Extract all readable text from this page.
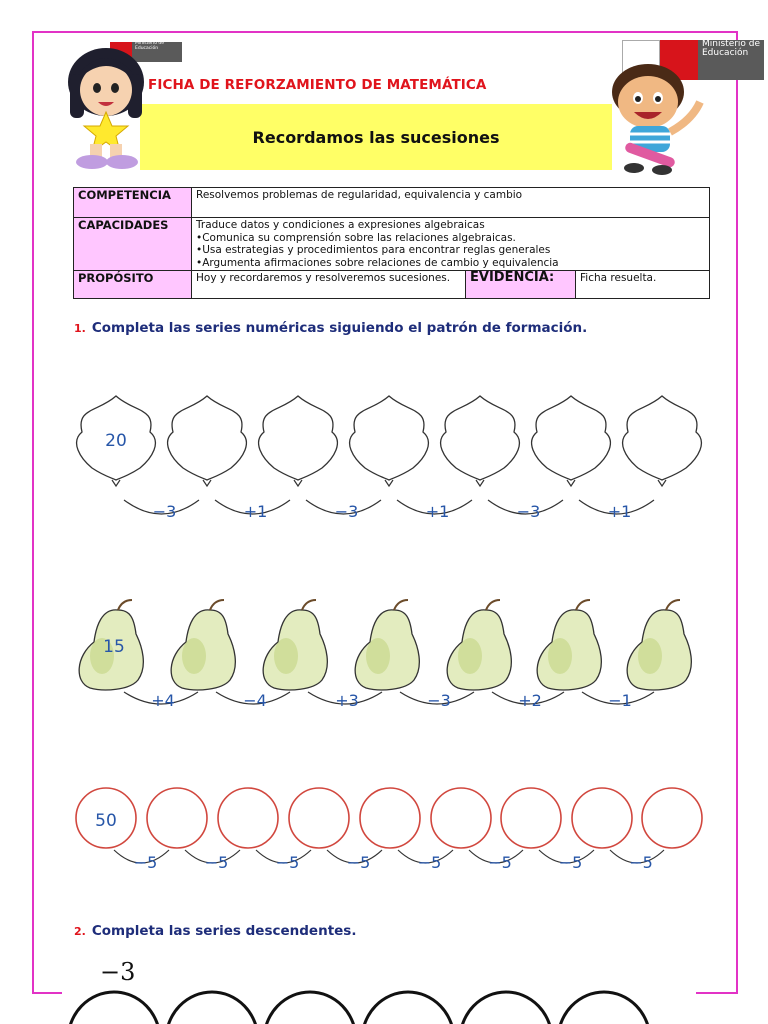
Ministerio de Educación	Ministerio de Educación
Recordamos las sucesiones
FICHA DE REFORZAMIENTO DE MATEMÁTICA
COMPETENCIA	Resolvemos problemas de regularidad, equivalencia y cambio		
CAPACIDADES	Traduce datos y condiciones a expresiones algebraicas
•Comunica su comprensión sobre las relaciones algebraicas.
•Usa estrategias y procedimientos para encontrar reglas generales
•Argumenta afirmaciones sobre relaciones de cambio y equivalencia		

PROPÓSITO	Hoy y recordaremos y resolveremos sucesiones.	EVIDENCIA:	Ficha resuelta.
1. Completa las series numéricas siguiendo el patrón de formación.
20
−3	+1	−3	+1	−3	+1
15
+4	−4	+3	−3	+2	−1
50
−5	−5	−5	−5	−5	−5	−5	−5
2. Completa las series descendentes.
−3
